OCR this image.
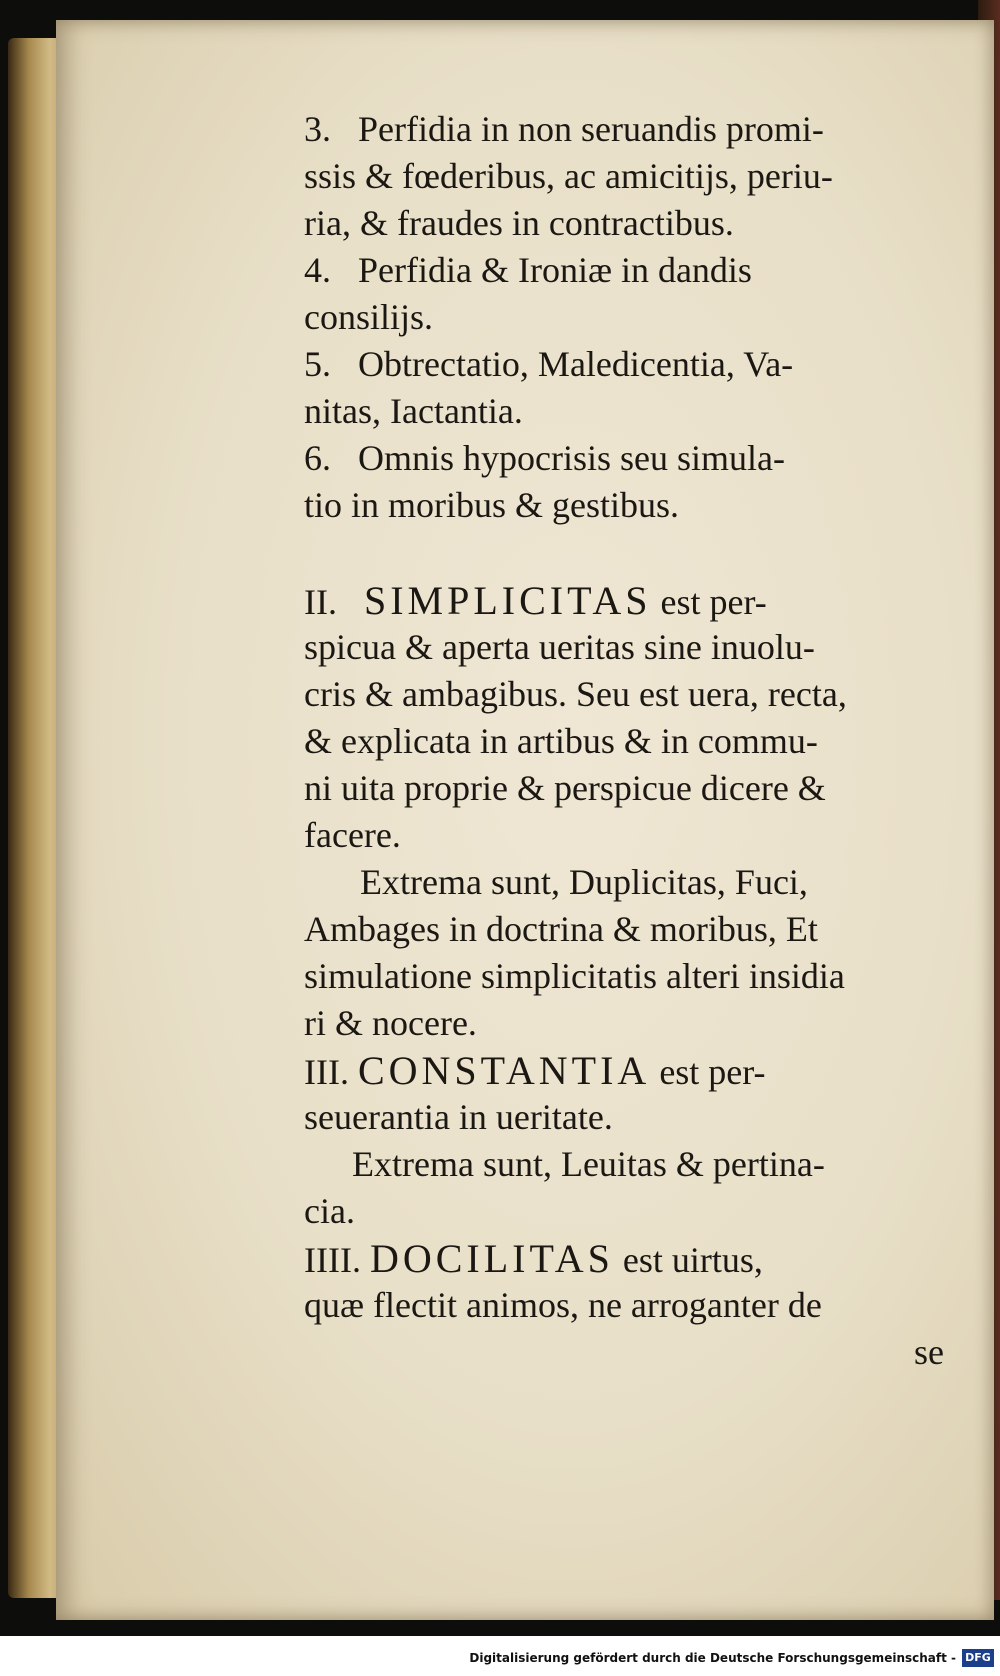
3.   Perfidia in non seruandis promi-
ssis & fœderibus, ac amicitijs, periu-
ria, & fraudes in contractibus.
4.   Perfidia & Ironiæ in dandis
consilijs.
5.   Obtrectatio, Maledicentia, Va-
nitas, Iactantia.
6.   Omnis hypocrisis seu simula-
tio in moribus & gestibus.
II. SIMPLICITAS est per-
spicua & aperta ueritas sine inuolu-
cris & ambagibus. Seu est uera, recta,
& explicata in artibus & in commu-
ni uita proprie & perspicue dicere &
facere.
Extrema sunt, Duplicitas, Fuci,
Ambages in doctrina & moribus, Et
simulatione simplicitatis alteri insidia
ri & nocere.
III. CONSTANTIA est per-
seuerantia in ueritate.
Extrema sunt, Leuitas & pertina-
cia.
IIII. DOCILITAS est uirtus,
quæ flectit animos, ne arroganter de
se
Digitalisierung gefördert durch die Deutsche Forschungsgemeinschaft - DFG
